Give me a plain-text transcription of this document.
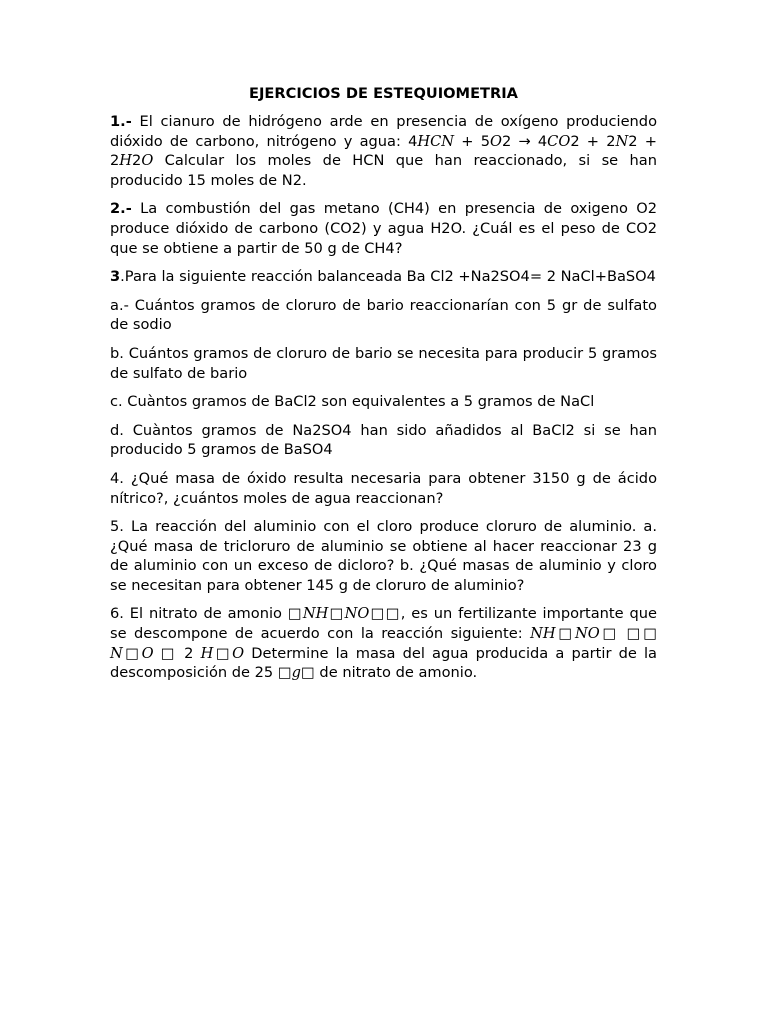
EJERCICIOS DE ESTEQUIOMETRIA

1.- El cianuro de hidrógeno arde en presencia de oxígeno produciendo dióxido de carbono, nitrógeno y agua: 4HCN + 5O2 → 4CO2 + 2N2 + 2H2O Calcular los moles de HCN que han reaccionado, si se han producido 15 moles de N2.

2.- La combustión del gas metano (CH4) en presencia de oxigeno O2 produce dióxido de carbono (CO2) y agua H2O. ¿Cuál es el peso de CO2 que se obtiene a partir de 50 g de CH4?

3.Para la siguiente reacción balanceada Ba Cl2 +Na2SO4= 2 NaCl+BaSO4

a.- Cuántos gramos de cloruro de bario reaccionarían con 5 gr de sulfato de sodio

b. Cuántos gramos de cloruro de bario se necesita para producir 5 gramos de sulfato de bario

c. Cuàntos gramos de BaCl2 son equivalentes a 5 gramos de NaCl

d. Cuàntos gramos de Na2SO4 han sido añadidos al BaCl2 si se han producido 5 gramos de BaSO4

4. ¿Qué masa de óxido resulta necesaria para obtener 3150 g de ácido nítrico?, ¿cuántos moles de agua reaccionan?

5. La reacción del aluminio con el cloro produce cloruro de aluminio. a. ¿Qué masa de tricloruro de aluminio se obtiene al hacer reaccionar 23 g de aluminio con un exceso de dicloro? b. ¿Qué masas de aluminio y cloro se necesitan para obtener 145 g de cloruro de aluminio?

6. El nitrato de amonio □NH□NO□□, es un fertilizante importante que se descompone de acuerdo con la reacción siguiente: NH□NO□ □□ N□O □ 2 H□O Determine la masa del agua producida a partir de la descomposición de 25 □g□ de nitrato de amonio.
